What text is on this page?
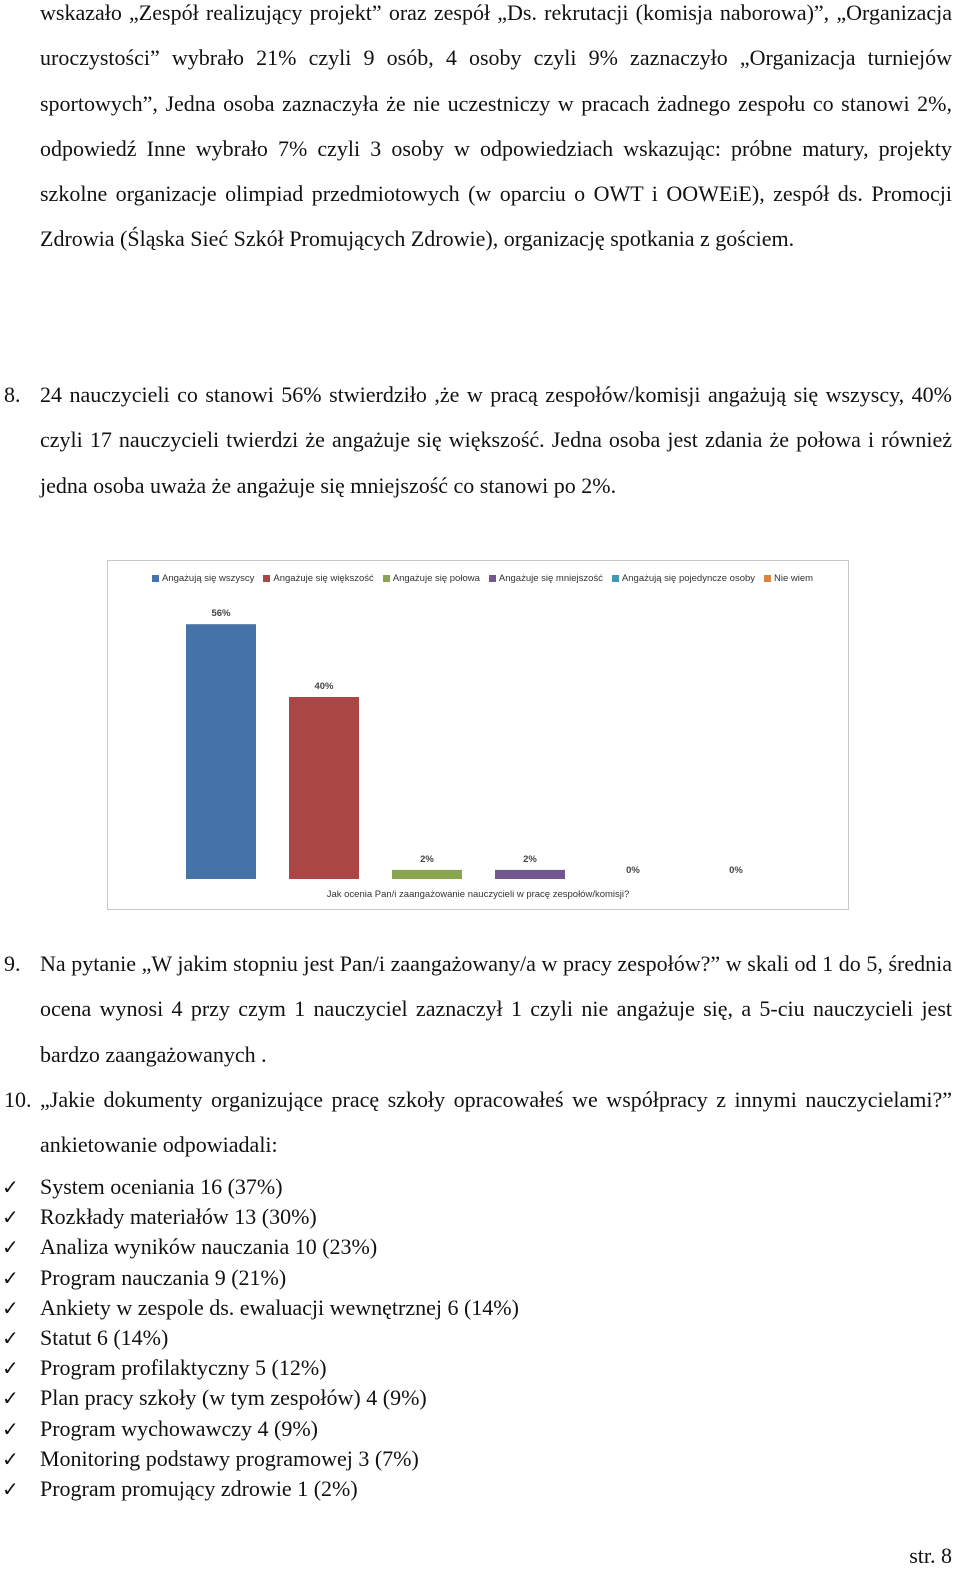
wskazało „Zespół realizujący projekt” oraz zespół „Ds. rekrutacji (komisja naborowa)”, „Organizacja uroczystości” wybrało 21% czyli 9 osób, 4 osoby czyli 9% zaznaczyło „Organizacja turniejów sportowych”, Jedna osoba zaznaczyła że nie uczestniczy w pracach żadnego zespołu co stanowi 2%, odpowiedź Inne wybrało 7% czyli 3 osoby w odpowiedziach wskazując: próbne matury, projekty szkolne organizacje olimpiad przedmiotowych (w oparciu o OWT i OOWEiE), zespół ds. Promocji Zdrowia (Śląska Sieć Szkół Promujących Zdrowie), organizację spotkania z gościem.
8. 24 nauczycieli co stanowi 56% stwierdziło ,że w pracą zespołów/komisji angażują się wszyscy, 40% czyli 17 nauczycieli twierdzi że angażuje się większość. Jedna osoba jest zdania że połowa i również jedna osoba uważa że angażuje się mniejszość co stanowi po 2%.
Angażują się wszyscy Angażuje się większość Angażuje się połowa Angażuje się mniejszość Angażują się pojedyncze osoby Nie wiem
56%
40%
2%	2%
0%	0%
Jak ocenia Pan/i zaangażowanie nauczycieli w pracę zespołów/komisji?
9. Na pytanie „W jakim stopniu jest Pan/i zaangażowany/a w pracy zespołów?” w skali od 1 do 5, średnia ocena wynosi 4 przy czym 1 nauczyciel zaznaczył 1 czyli nie angażuje się, a 5-ciu nauczycieli jest bardzo zaangażowanych .
10. „Jakie dokumenty organizujące pracę szkoły opracowałeś we współpracy z innymi nauczycielami?” ankietowanie odpowiadali:
✓ System oceniania 16 (37%)
✓ Rozkłady materiałów 13 (30%)
✓ Analiza wyników nauczania 10 (23%)
✓ Program nauczania 9 (21%)
✓ Ankiety w zespole ds. ewaluacji wewnętrznej 6 (14%)
✓ Statut 6 (14%)
✓ Program profilaktyczny 5 (12%)
✓ Plan pracy szkoły (w tym zespołów) 4 (9%)
✓ Program wychowawczy 4 (9%)
✓ Monitoring podstawy programowej 3 (7%)
✓ Program promujący zdrowie 1 (2%)
str. 8
